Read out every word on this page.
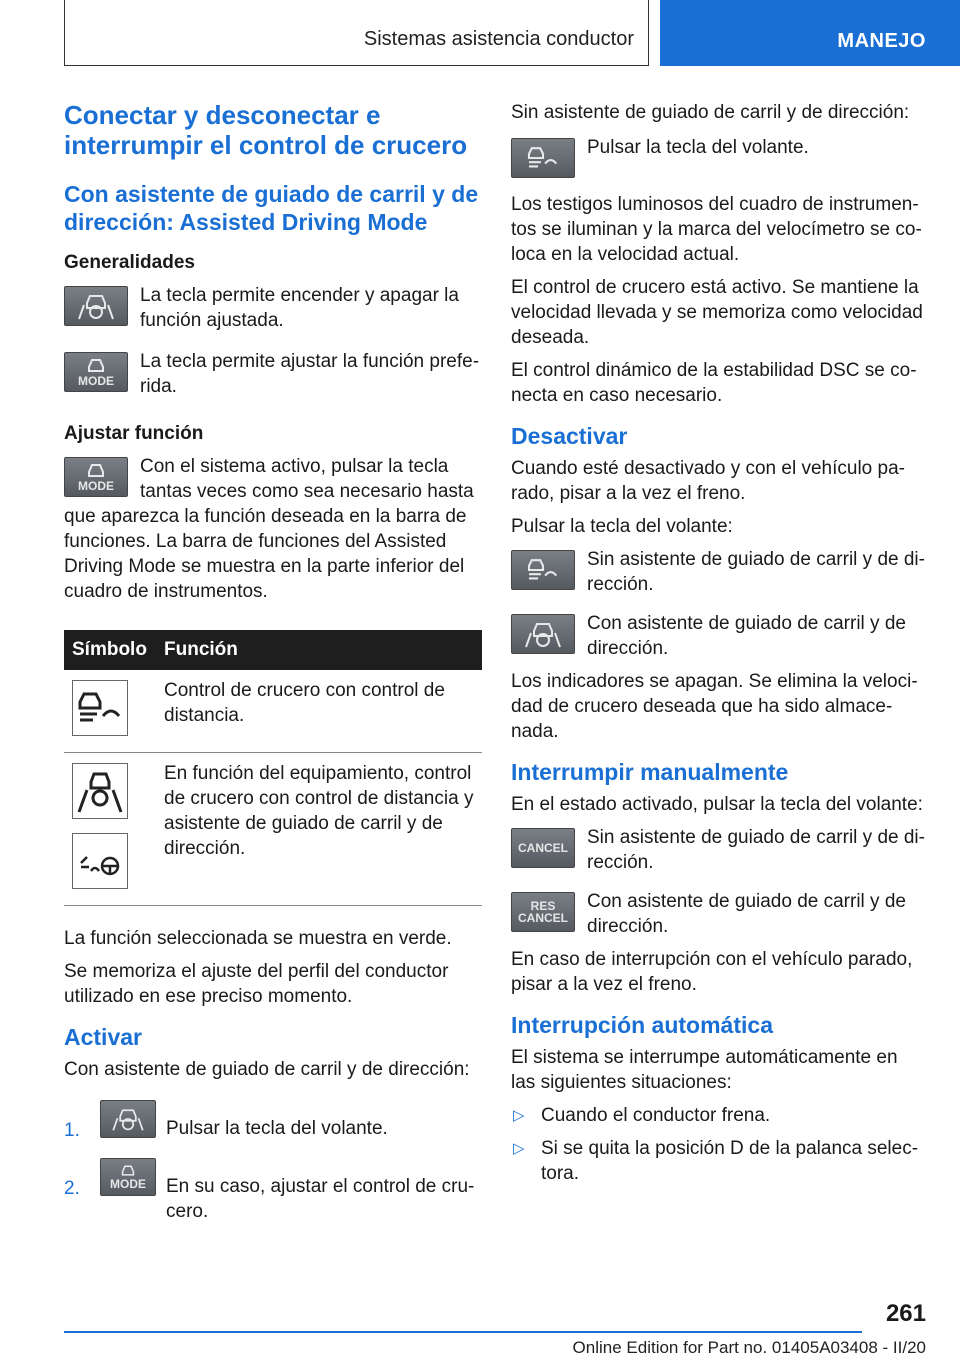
Sistemas asistencia conductor	MANEJO
Conectar y desconectar e interrumpir el control de crucero
Con asistente de guiado de carril y de dirección: Assisted Driving Mode
Generalidades

La tecla permite encender y apagar la función ajustada.

MODE

La tecla permite ajustar la función preferida.

Ajustar función
MODE

Con el sistema activo, pulsar la tecla tantas veces como sea necesario hasta que aparezca la función deseada en la barra de funciones. La barra de funciones del Assisted Driving Mode se muestra en la parte inferior del cuadro de instrumentos.

Símbolo	Función

	Control de crucero con control de distancia.

	En función del equipamiento, control de crucero con control de distancia y asistente de guiado de carril y de dirección.

La función seleccionada se muestra en verde.

Se memoriza el ajuste del perfil del conductor utilizado en ese preciso momento.

Activar

Con asistente de guiado de carril y de dirección:

1.	Pulsar la tecla del volante.
2.	MODE	En su caso, ajustar el control de crucero.

Sin asistente de guiado de carril y de dirección:

Pulsar la tecla del volante.

Los testigos luminosos del cuadro de instrumentos se iluminan y la marca del velocímetro se coloca en la velocidad actual.

El control de crucero está activo. Se mantiene la velocidad llevada y se memoriza como velocidad deseada.

El control dinámico de la estabilidad DSC se conecta en caso necesario.

Desactivar

Cuando esté desactivado y con el vehículo parado, pisar a la vez el freno.

Pulsar la tecla del volante:

Sin asistente de guiado de carril y de dirección.

Con asistente de guiado de carril y de dirección.

Los indicadores se apagan. Se elimina la velocidad de crucero deseada que ha sido almacenada.

Interrumpir manualmente

En el estado activado, pulsar la tecla del volante:

CANCEL	Sin asistente de guiado de carril y de dirección.

RES
CANCEL

Con asistente de guiado de carril y de dirección.

En caso de interrupción con el vehículo parado, pisar a la vez el freno.

Interrupción automática

El sistema se interrumpe automáticamente en las siguientes situaciones:

▷ Cuando el conductor frena.
▷ Si se quita la posición D de la palanca selectora.
261
Online Edition for Part no. 01405A03408 - II/20
